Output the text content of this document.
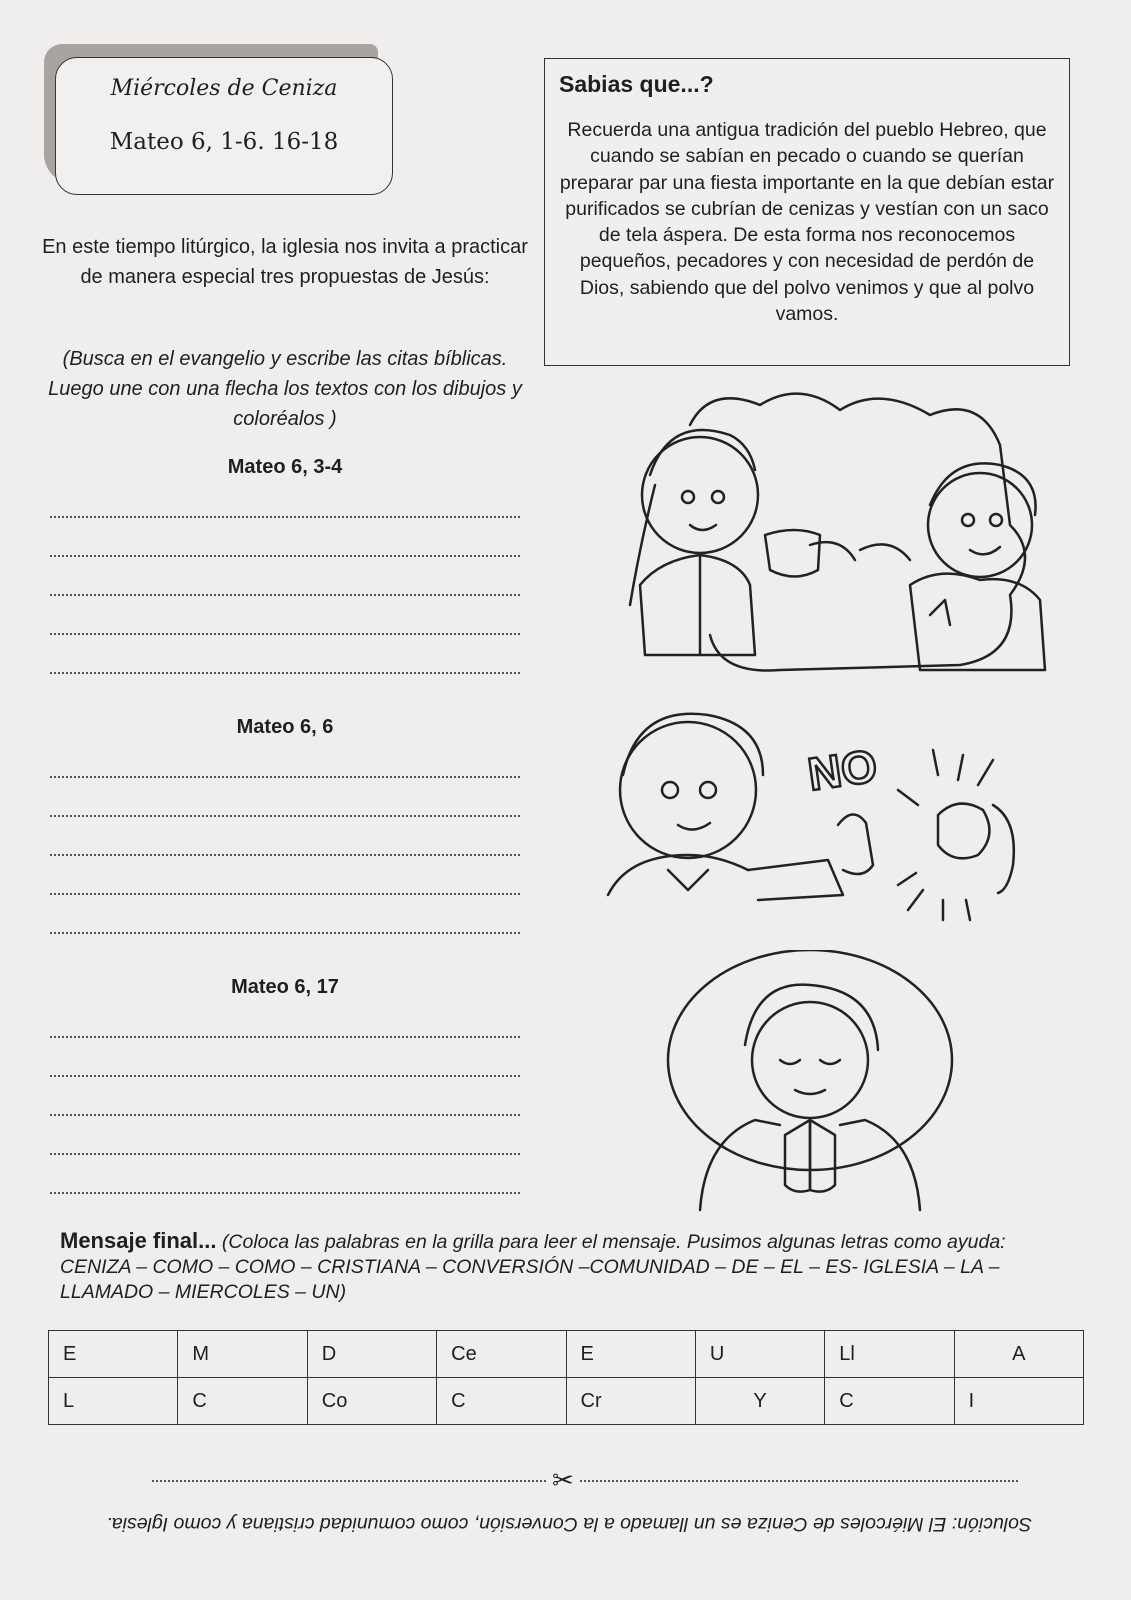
Miércoles de Ceniza
Mateo 6, 1-6. 16-18
En este tiempo litúrgico, la iglesia nos invita a practicar de manera especial tres propuestas de Jesús:
(Busca en el evangelio y escribe las citas bíblicas. Luego une con una flecha los textos con los dibujos y coloréalos )
Mateo 6, 3-4
Mateo 6, 6
Mateo 6, 17
Sabias que...?
Recuerda una antigua tradición del pueblo Hebreo, que cuando se sabían en pecado o cuando se querían preparar par una fiesta importante en la que debían estar purificados se cubrían de cenizas y vestían con un saco de tela áspera. De esta forma nos reconocemos pequeños, pecadores y con necesidad de perdón de Dios, sabiendo que del polvo venimos y que al polvo vamos.
NO
Mensaje final... (Coloca las palabras en la grilla para leer el mensaje. Pusimos algunas letras como ayuda: CENIZA – COMO – COMO – CRISTIANA – CONVERSIÓN –COMUNIDAD – DE – EL – ES- IGLESIA – LA – LLAMADO – MIERCOLES – UN)
E	M	D	Ce	E	U	Ll	A
L	C	Co	C	Cr	Y	C	I
✂
Solución: El Miércoles de Ceniza es un llamado a la Conversión, como comunidad cristiana y como Iglesia.
